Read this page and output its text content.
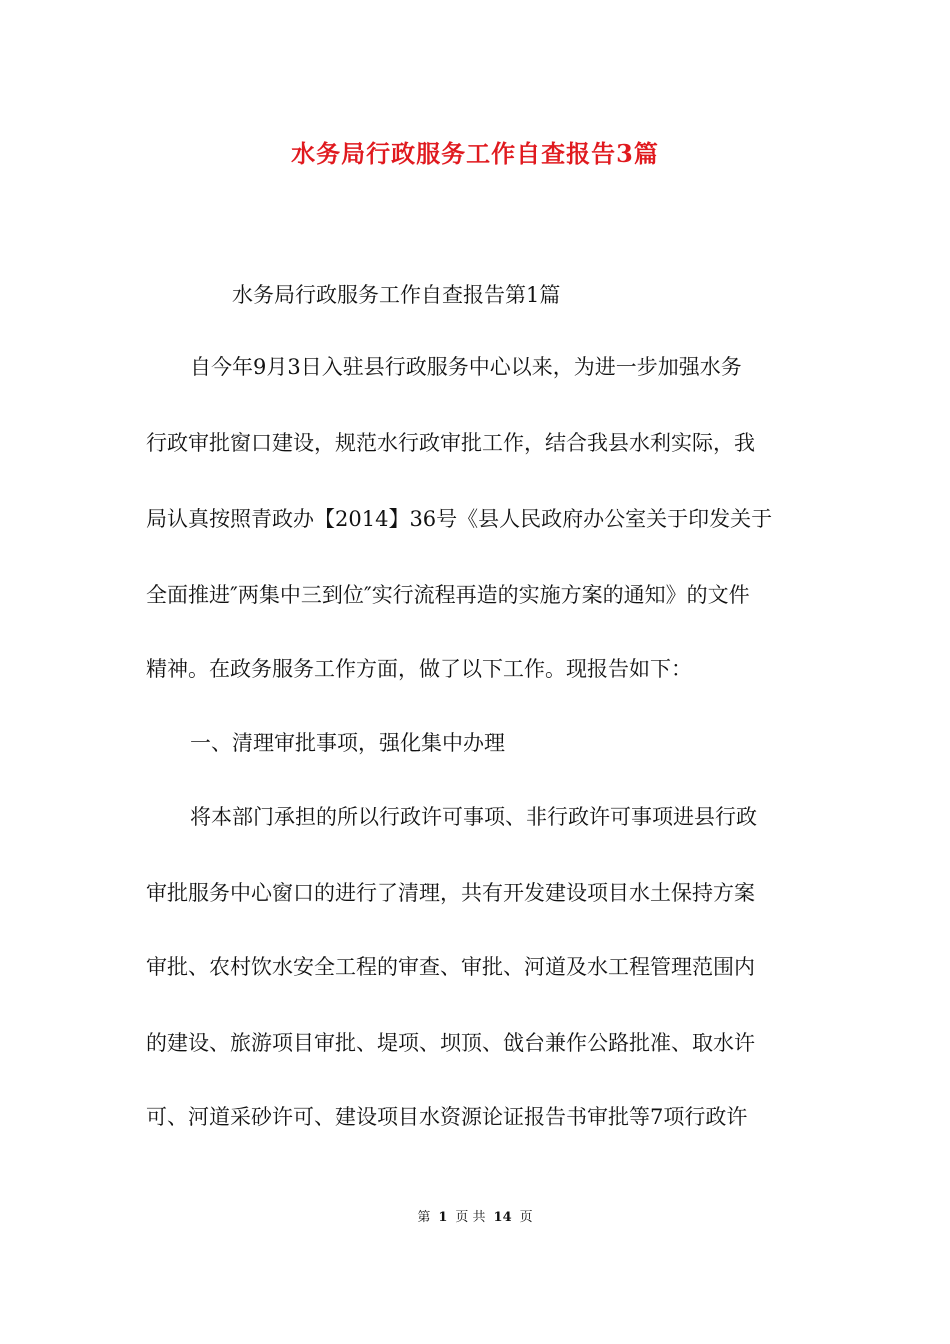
水务局行政服务工作自查报告3篇

水务局行政服务工作自查报告第1篇

自今年9月3日入驻县行政服务中心以来，为进一步加强水务

行政审批窗口建设，规范水行政审批工作，结合我县水利实际，我

局认真按照青政办【2014】36号《县人民政府办公室关于印发关于

全面推进″两集中三到位″实行流程再造的实施方案的通知》的文件

精神。在政务服务工作方面，做了以下工作。现报告如下：

一、清理审批事项，强化集中办理

将本部门承担的所以行政许可事项、非行政许可事项进县行政

审批服务中心窗口的进行了清理，共有开发建设项目水土保持方案

审批、农村饮水安全工程的审查、审批、河道及水工程管理范围内

的建设、旅游项目审批、堤项、坝顶、戗台兼作公路批准、取水许

可、河道采砂许可、建设项目水资源论证报告书审批等7项行政许

第 1 页 共 14 页
